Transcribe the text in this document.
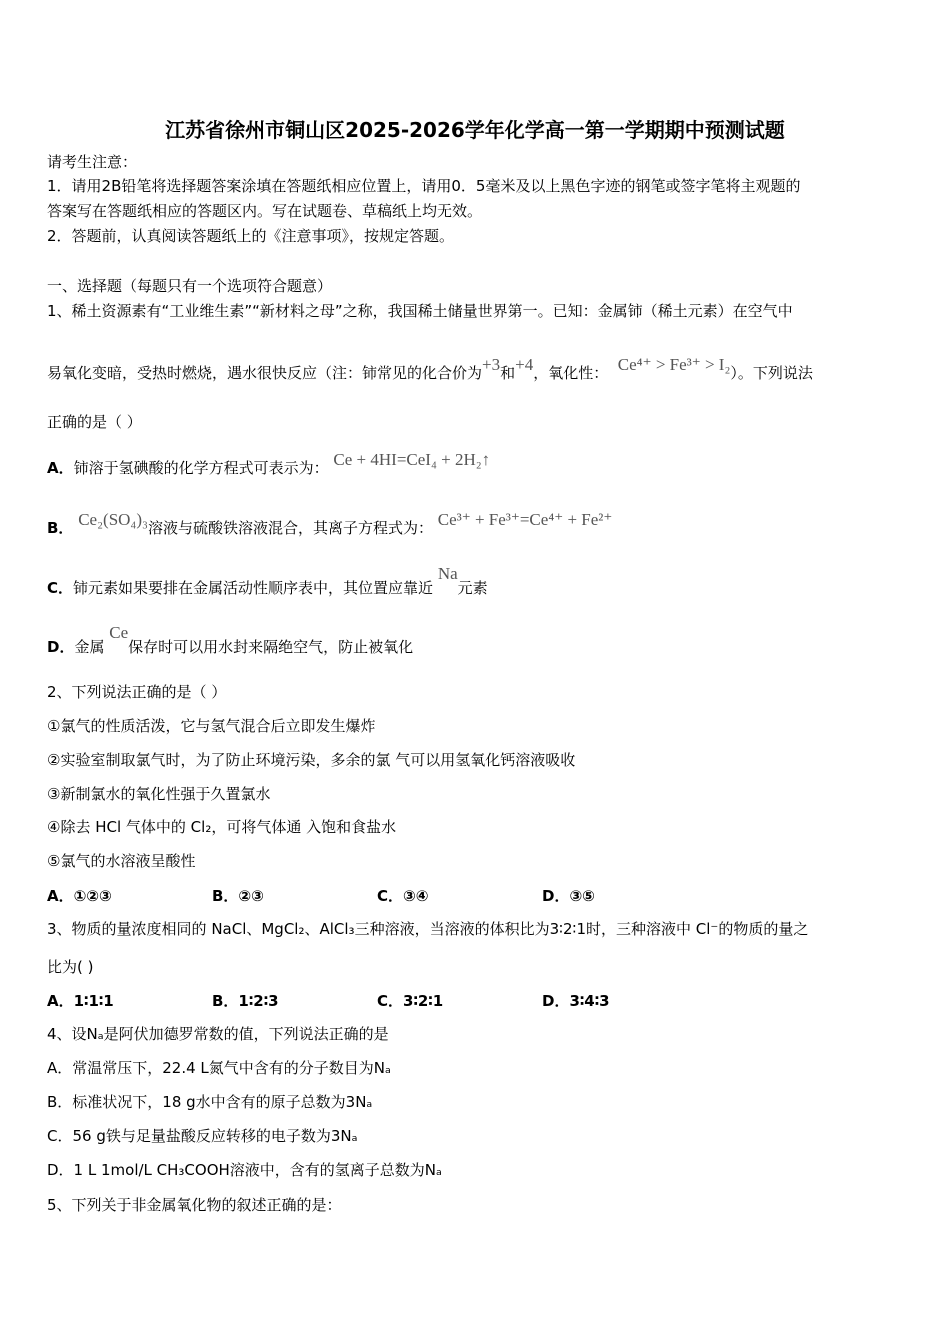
江苏省徐州市铜山区2025-2026学年化学高一第一学期期中预测试题
请考生注意：
1．请用2B铅笔将选择题答案涂填在答题纸相应位置上，请用0．5毫米及以上黑色字迹的钢笔或签字笔将主观题的
答案写在答题纸相应的答题区内。写在试题卷、草稿纸上均无效。
2．答题前，认真阅读答题纸上的《注意事项》，按规定答题。
一、选择题（每题只有一个选项符合题意）
1、稀土资源素有“工业维生素”“新材料之母”之称，我国稀土储量世界第一。已知：金属铈（稀土元素）在空气中
易氧化变暗，受热时燃烧，遇水很快反应（注：铈常见的化合价为+3和+4，氧化性： Ce⁴⁺ > Fe³⁺ > I₂）。下列说法
正确的是（ ）
A．铈溶于氢碘酸的化学方程式可表示为： Ce + 4HI=CeI₄ + 2H₂↑
B． Ce₂(SO₄)₃溶液与硫酸铁溶液混合，其离子方程式为： Ce³⁺ + Fe³⁺=Ce⁴⁺ + Fe²⁺
C．铈元素如果要排在金属活动性顺序表中，其位置应靠近 Na元素
D．金属 Ce保存时可以用水封来隔绝空气，防止被氧化
2、下列说法正确的是（ ）
①氯气的性质活泼，它与氢气混合后立即发生爆炸
②实验室制取氯气时，为了防止环境污染，多余的氯 气可以用氢氧化钙溶液吸收
③新制氯水的氧化性强于久置氯水
④除去 HCl 气体中的 Cl₂，可将气体通 入饱和食盐水
⑤氯气的水溶液呈酸性
A．①②③	B．②③	C．③④	D．③⑤
3、物质的量浓度相同的 NaCl、MgCl₂、AlCl₃三种溶液，当溶液的体积比为3∶2∶1时，三种溶液中 Cl⁻的物质的量之
比为( )
A．1∶1∶1	B．1∶2∶3	C．3∶2∶1	D．3∶4∶3
4、设Nₐ是阿伏加德罗常数的值，下列说法正确的是
A．常温常压下，22.4 L氮气中含有的分子数目为Nₐ
B．标准状况下，18 g水中含有的原子总数为3Nₐ
C．56 g铁与足量盐酸反应转移的电子数为3Nₐ
D．1 L 1mol/L CH₃COOH溶液中，含有的氢离子总数为Nₐ
5、下列关于非金属氧化物的叙述正确的是：
